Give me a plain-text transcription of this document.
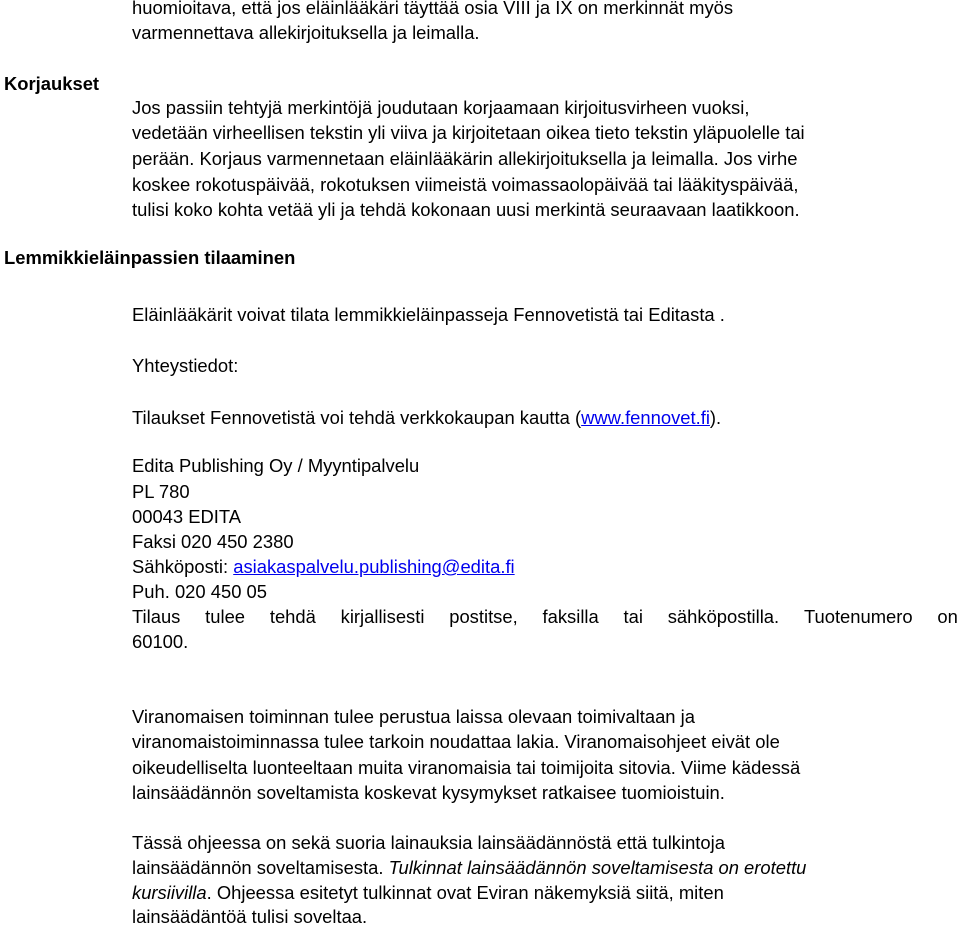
huomioitava, että jos eläinlääkäri täyttää osia VIII ja IX on merkinnät myös
varmennettava allekirjoituksella ja leimalla.
Korjaukset
Jos passiin tehtyjä merkintöjä joudutaan korjaamaan kirjoitusvirheen vuoksi,
vedetään virheellisen tekstin yli viiva ja kirjoitetaan oikea tieto tekstin yläpuolelle tai
perään. Korjaus varmennetaan eläinlääkärin allekirjoituksella ja leimalla. Jos virhe
koskee rokotuspäivää, rokotuksen viimeistä voimassaolopäivää tai lääkityspäivää,
tulisi koko kohta vetää yli ja tehdä kokonaan uusi merkintä seuraavaan laatikkoon.
Lemmikkieläinpassien tilaaminen
Eläinlääkärit voivat tilata lemmikkieläinpasseja Fennovetistä tai Editasta .
Yhteystiedot:
Tilaukset Fennovetistä voi tehdä verkkokaupan kautta (www.fennovet.fi).
Edita Publishing Oy / Myyntipalvelu
PL 780
00043 EDITA
Faksi 020 450 2380
Sähköposti: asiakaspalvelu.publishing@edita.fi
Puh. 020 450 05
Tilaus tulee tehdä kirjallisesti postitse, faksilla tai sähköpostilla. Tuotenumero on
60100.
Viranomaisen toiminnan tulee perustua laissa olevaan toimivaltaan ja
viranomaistoiminnassa tulee tarkoin noudattaa lakia. Viranomaisohjeet eivät ole
oikeudelliselta luonteeltaan muita viranomaisia tai toimijoita sitovia. Viime kädessä
lainsäädännön soveltamista koskevat kysymykset ratkaisee tuomioistuin.
Tässä ohjeessa on sekä suoria lainauksia lainsäädännöstä että tulkintoja
lainsäädännön soveltamisesta. Tulkinnat lainsäädännön soveltamisesta on erotettu
kursiivilla. Ohjeessa esitetyt tulkinnat ovat Eviran näkemyksiä siitä, miten
lainsäädäntöä tulisi soveltaa.
